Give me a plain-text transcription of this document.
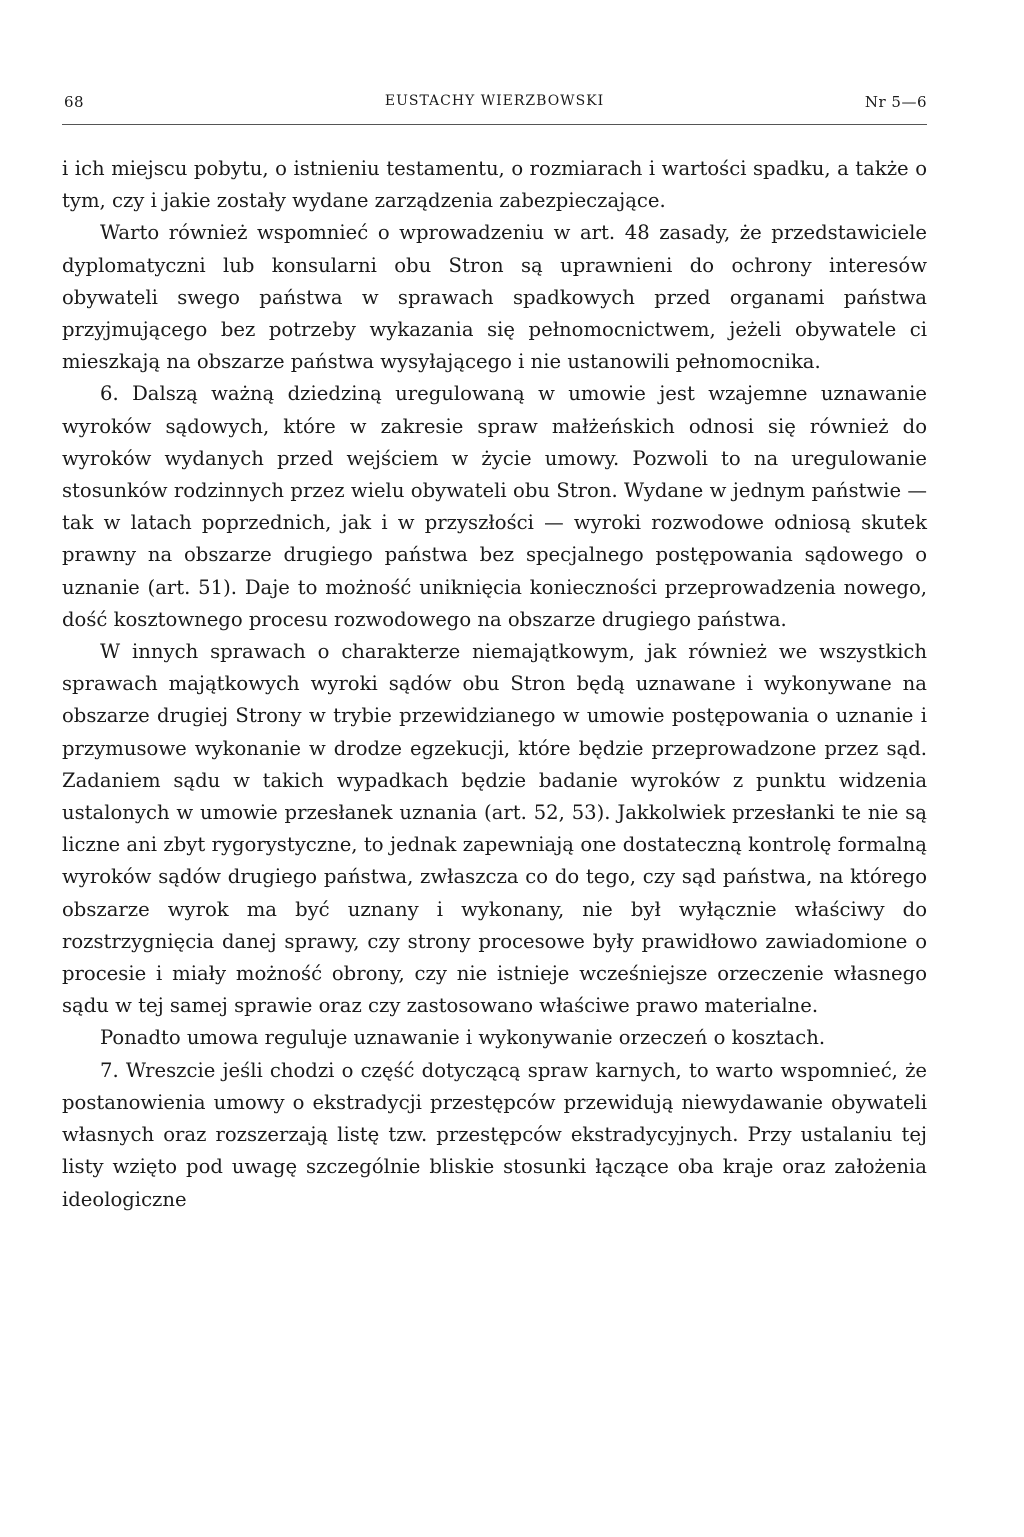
68	EUSTACHY WIERZBOWSKI	Nr 5—6

i ich miejscu pobytu, o istnieniu testamentu, o rozmiarach i wartości spadku, a także o tym, czy i jakie zostały wydane zarządzenia zabezpieczające.

Warto również wspomnieć o wprowadzeniu w art. 48 zasady, że przedstawiciele dyplomatyczni lub konsularni obu Stron są uprawnieni do ochrony interesów obywateli swego państwa w sprawach spadkowych przed organami państwa przyjmującego bez potrzeby wykazania się pełnomocnictwem, jeżeli obywatele ci mieszkają na obszarze państwa wysyłającego i nie ustanowili pełnomocnika.

6. Dalszą ważną dziedziną uregulowaną w umowie jest wzajemne uznawanie wyroków sądowych, które w zakresie spraw małżeńskich odnosi się również do wyroków wydanych przed wejściem w życie umowy. Pozwoli to na uregulowanie stosunków rodzinnych przez wielu obywateli obu Stron. Wydane w jednym państwie — tak w latach poprzednich, jak i w przyszłości — wyroki rozwodowe odniosą skutek prawny na obszarze drugiego państwa bez specjalnego postępowania sądowego o uznanie (art. 51). Daje to możność uniknięcia konieczności przeprowadzenia nowego, dość kosztownego procesu rozwodowego na obszarze drugiego państwa.

W innych sprawach o charakterze niemajątkowym, jak również we wszystkich sprawach majątkowych wyroki sądów obu Stron będą uznawane i wykonywane na obszarze drugiej Strony w trybie przewidzianego w umowie postępowania o uznanie i przymusowe wykonanie w drodze egzekucji, które będzie przeprowadzone przez sąd. Zadaniem sądu w takich wypadkach będzie badanie wyroków z punktu widzenia ustalonych w umowie przesłanek uznania (art. 52, 53). Jakkolwiek przesłanki te nie są liczne ani zbyt rygorystyczne, to jednak zapewniają one dostateczną kontrolę formalną wyroków sądów drugiego państwa, zwłaszcza co do tego, czy sąd państwa, na którego obszarze wyrok ma być uznany i wykonany, nie był wyłącznie właściwy do rozstrzygnięcia danej sprawy, czy strony procesowe były prawidłowo zawiadomione o procesie i miały możność obrony, czy nie istnieje wcześniejsze orzeczenie własnego sądu w tej samej sprawie oraz czy zastosowano właściwe prawo materialne.

Ponadto umowa reguluje uznawanie i wykonywanie orzeczeń o kosztach.

7. Wreszcie jeśli chodzi o część dotyczącą spraw karnych, to warto wspomnieć, że postanowienia umowy o ekstradycji przestępców przewidują niewydawanie obywateli własnych oraz rozszerzają listę tzw. przestępców ekstradycyjnych. Przy ustalaniu tej listy wzięto pod uwagę szczególnie bliskie stosunki łączące oba kraje oraz założenia ideologiczne
